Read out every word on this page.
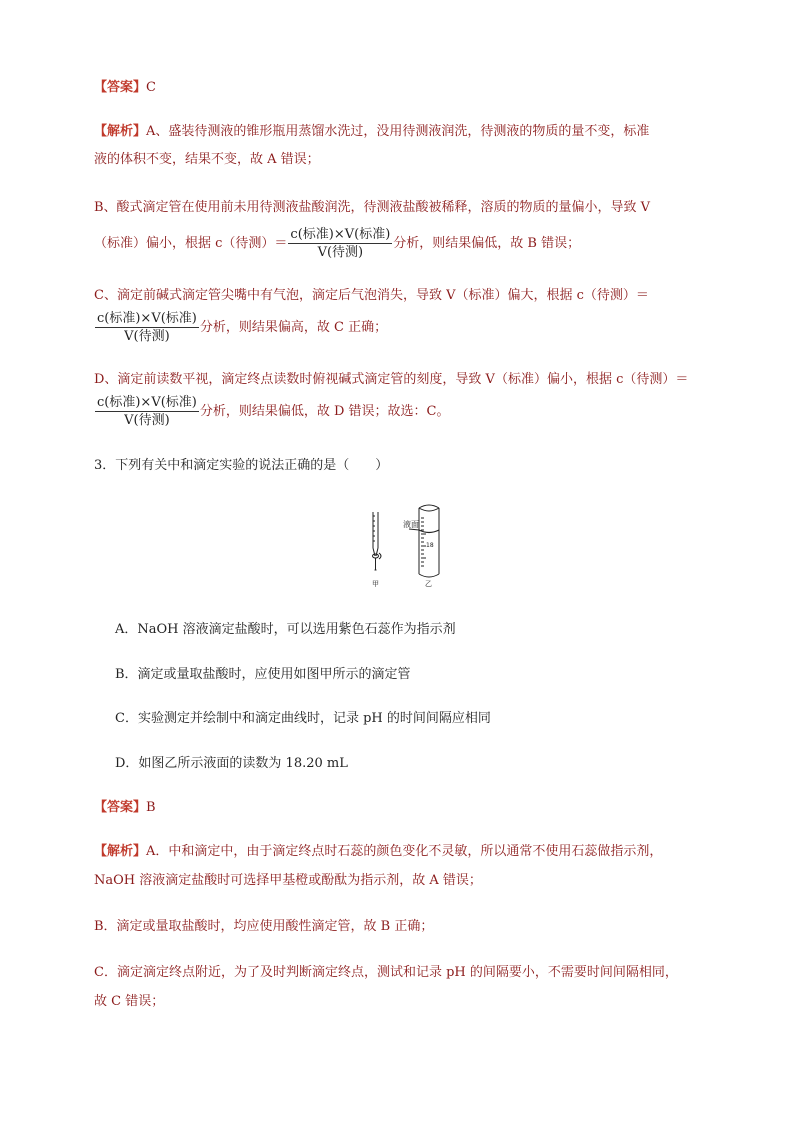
【答案】C
【解析】A、盛装待测液的锥形瓶用蒸馏水洗过，没用待测液润洗，待测液的物质的量不变，标准
液的体积不变，结果不变，故 A 错误；
B、酸式滴定管在使用前未用待测液盐酸润洗，待测液盐酸被稀释，溶质的物质的量偏小，导致 V
（标准）偏小，根据 c（待测）＝ $\frac{\text{c(标准)×V(标准)}}{\text{V(待测)}}$ 分析，则结果偏低，故 B 错误；
C、滴定前碱式滴定管尖嘴中有气泡，滴定后气泡消失，导致 V（标准）偏大，根据 c（待测）＝
$\frac{\text{c(标准)×V(标准)}}{\text{V(待测)}}$ 分析，则结果偏高，故 C 正确；
D、滴定前读数平视，滴定终点读数时俯视碱式滴定管的刻度，导致 V（标准）偏小，根据 c（待测）＝
$\frac{\text{c(标准)×V(标准)}}{\text{V(待测)}}$ 分析，则结果偏低，故 D 错误；故选：C。
3．下列有关中和滴定实验的说法正确的是（　　）
液面
18
甲	乙
A．NaOH 溶液滴定盐酸时，可以选用紫色石蕊作为指示剂
B．滴定或量取盐酸时，应使用如图甲所示的滴定管
C．实验测定并绘制中和滴定曲线时，记录 pH 的时间间隔应相同
D．如图乙所示液面的读数为 18.20 mL
【答案】B
【解析】A．中和滴定中，由于滴定终点时石蕊的颜色变化不灵敏，所以通常不使用石蕊做指示剂，
NaOH 溶液滴定盐酸时可选择甲基橙或酚酞为指示剂，故 A 错误；
B．滴定或量取盐酸时，均应使用酸性滴定管，故 B 正确；
C．滴定滴定终点附近，为了及时判断滴定终点，测试和记录 pH 的间隔要小，不需要时间间隔相同，
故 C 错误；
